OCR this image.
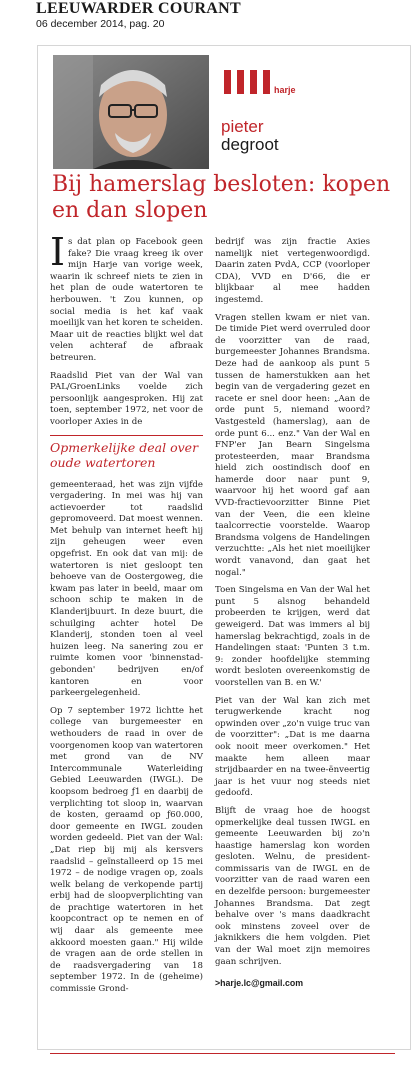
LEEUWARDER COURANT
06 december 2014, pag. 20
harje
pieter
degroot
Bij hamerslag besloten: kopen en dan slopen

Is dat plan op Facebook geen fake? Die vraag kreeg ik over mijn Harje van vorige week, waarin ik schreef niets te zien in het plan de oude watertoren te herbouwen. 't Zou kunnen, op social media is het kaf vaak moeilijk van het koren te scheiden. Maar uit de reacties blijkt wel dat velen achteraf de afbraak betreuren.

Raadslid Piet van der Wal van PAL/GroenLinks voelde zich persoonlijk aangesproken. Hij zat toen, september 1972, net voor de voorloper Axies in de

Opmerkelijke deal over oude watertoren

gemeenteraad, het was zijn vijfde vergadering. In mei was hij van actievoerder tot raadslid gepromoveerd. Dat moest wennen. Met behulp van internet heeft hij zijn geheugen weer even opgefrist. En ook dat van mij: de watertoren is niet gesloopt ten behoeve van de Oostergoweg, die kwam pas later in beeld, maar om schoon schip te maken in de Klanderijbuurt. In deze buurt, die schuilging achter hotel De Klanderij, stonden toen al veel huizen leeg. Na sanering zou er ruimte komen voor 'binnenstad-gebonden' bedrijven en/of kantoren en voor parkeergelegenheid.

Op 7 september 1972 lichtte het college van burgemeester en wethouders de raad in over de voorgenomen koop van watertoren met grond van de NV Intercommunale Waterleiding Gebied Leeuwarden (IWGL). De koopsom bedroeg ƒ1 en daarbij de verplichting tot sloop in, waarvan de kosten, geraamd op ƒ60.000, door gemeente en IWGL zouden worden gedeeld. Piet van der Wal: „Dat riep bij mij als kersvers raadslid – geïnstalleerd op 15 mei 1972 – de nodige vragen op, zoals welk belang de verkopende partij erbij had de sloopverplichting van de prachtige watertoren in het koopcontract op te nemen en of wij daar als gemeente mee akkoord moesten gaan." Hij wilde de vragen aan de orde stellen in de raadsvergadering van 18 september 1972. In de (geheime) commissie Grond-

bedrijf was zijn fractie Axies namelijk niet vertegenwoordigd. Daarin zaten PvdA, CCP (voorloper CDA), VVD en D'66, die er blijkbaar al mee hadden ingestemd.

Vragen stellen kwam er niet van. De timide Piet werd overruled door de voorzitter van de raad, burgemeester Johannes Brandsma. Deze had de aankoop als punt 5 tussen de hamerstukken aan het begin van de vergadering gezet en racete er snel door heen: „Aan de orde punt 5, niemand woord? Vastgesteld (hamerslag), aan de orde punt 6... enz." Van der Wal en FNP'er Jan Bearn Singelsma protesteerden, maar Brandsma hield zich oostindisch doof en hamerde door naar punt 9, waarvoor hij het woord gaf aan VVD-fractievoorzitter Binne Piet van der Veen, die een kleine taalcorrectie voorstelde. Waarop Brandsma volgens de Handelingen verzuchtte: „Als het niet moeilijker wordt vanavond, dan gaat het nogal."

Toen Singelsma en Van der Wal het punt 5 alsnog behandeld probeerden te krijgen, werd dat geweigerd. Dat was immers al bij hamerslag bekrachtigd, zoals in de Handelingen staat: 'Punten 3 t.m. 9: zonder hoofdelijke stemming wordt besloten overeenkomstig de voorstellen van B. en W.'

Piet van der Wal kan zich met terugwerkende kracht nog opwinden over „zo'n vuige truc van de voorzitter": „Dat is me daarna ook nooit meer overkomen." Het maakte hem alleen maar strijdbaarder en na twee-ënveertig jaar is het vuur nog steeds niet gedoofd.

Blijft de vraag hoe de hoogst opmerkelijke deal tussen IWGL en gemeente Leeuwarden bij zo'n haastige hamerslag kon worden gesloten. Welnu, de president-commissaris van de IWGL en de voorzitter van de raad waren een en dezelfde persoon: burgemeester Johannes Brandsma. Dat zegt behalve over 's mans daadkracht ook minstens zoveel over de jaknikkers die hem volgden. Piet van der Wal moet zijn memoires gaan schrijven.

>harje.lc@gmail.com
